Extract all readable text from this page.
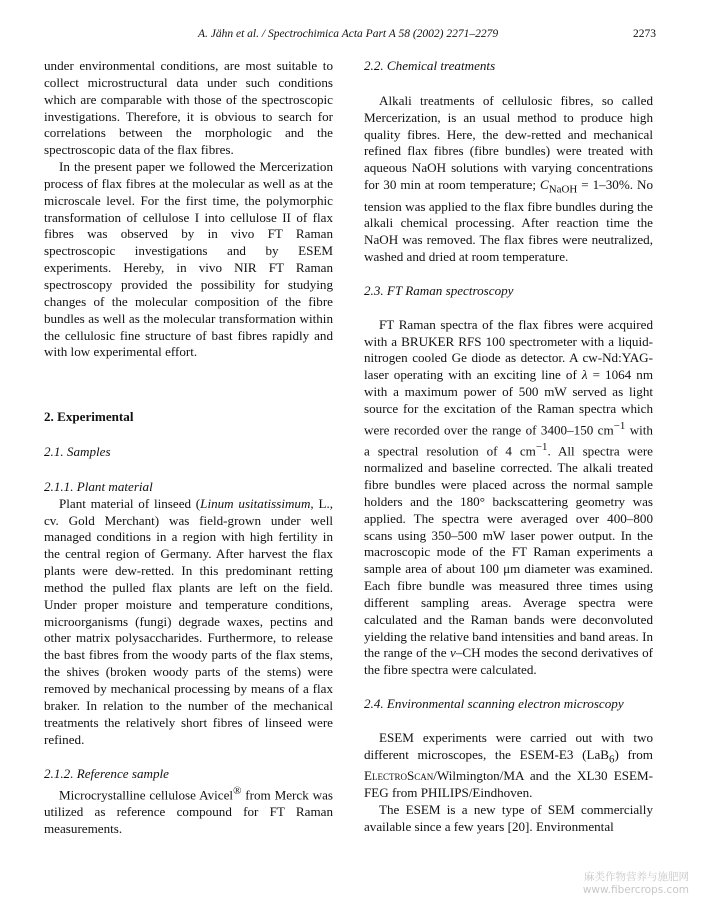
A. Jähn et al. / Spectrochimica Acta Part A 58 (2002) 2271–2279	2273

under environmental conditions, are most suitable to collect microstructural data under such conditions which are comparable with those of the spectroscopic investigations. Therefore, it is obvious to search for correlations between the morphologic and the spectroscopic data of the flax fibres.

In the present paper we followed the Mercerization process of flax fibres at the molecular as well as at the microscale level. For the first time, the polymorphic transformation of cellulose I into cellulose II of flax fibres was observed by in vivo FT Raman spectroscopic investigations and by ESEM experiments. Hereby, in vivo NIR FT Raman spectroscopy provided the possibility for studying changes of the molecular composition of the fibre bundles as well as the molecular transformation within the cellulosic fine structure of bast fibres rapidly and with low experimental effort.

2. Experimental
2.1. Samples
2.1.1. Plant material

Plant material of linseed (Linum usitatissimum, L., cv. Gold Merchant) was field-grown under well managed conditions in a region with high fertility in the central region of Germany. After harvest the flax plants were dew-retted. In this predominant retting method the pulled flax plants are left on the field. Under proper moisture and temperature conditions, microorganisms (fungi) degrade waxes, pectins and other matrix polysaccharides. Furthermore, to release the bast fibres from the woody parts of the flax stems, the shives (broken woody parts of the stems) were removed by mechanical processing by means of a flax braker. In relation to the number of the mechanical treatments the relatively short fibres of linseed were refined.

2.1.2. Reference sample

Microcrystalline cellulose Avicel® from Merck was utilized as reference compound for FT Raman measurements.

2.2. Chemical treatments

Alkali treatments of cellulosic fibres, so called Mercerization, is an usual method to produce high quality fibres. Here, the dew-retted and mechanical refined flax fibres (fibre bundles) were treated with aqueous NaOH solutions with varying concentrations for 30 min at room temperature; $C_{NaOH} = 1-30\%$. No tension was applied to the flax fibre bundles during the alkali chemical processing. After reaction time the NaOH was removed. The flax fibres were neutralized, washed and dried at room temperature.

2.3. FT Raman spectroscopy

FT Raman spectra of the flax fibres were acquired with a BRUKER RFS 100 spectrometer with a liquid-nitrogen cooled Ge diode as detector. A cw-Nd:YAG-laser operating with an exciting line of λ = 1064 nm with a maximum power of 500 mW served as light source for the excitation of the Raman spectra which were recorded over the range of 3400–150 $cm^{-1}$ with a spectral resolution of 4 $cm^{-1}$. All spectra were normalized and baseline corrected. The alkali treated fibre bundles were placed across the normal sample holders and the 180° backscattering geometry was applied. The spectra were averaged over 400–800 scans using 350–500 mW laser power output. In the macroscopic mode of the FT Raman experiments a sample area of about 100 μm diameter was examined. Each fibre bundle was measured three times using different sampling areas. Average spectra were calculated and the Raman bands were deconvoluted yielding the relative band intensities and band areas. In the range of the ν–CH modes the second derivatives of the fibre spectra were calculated.

2.4. Environmental scanning electron microscopy

ESEM experiments were carried out with two different microscopes, the ESEM-E3 (LaB$_6$) from ElectroScan/Wilmington/MA and the XL30 ESEM-FEG from PHILIPS/Eindhoven.

The ESEM is a new type of SEM commercially available since a few years [20]. Environmental

麻类作物营养与施肥网
www.fibercrops.com
